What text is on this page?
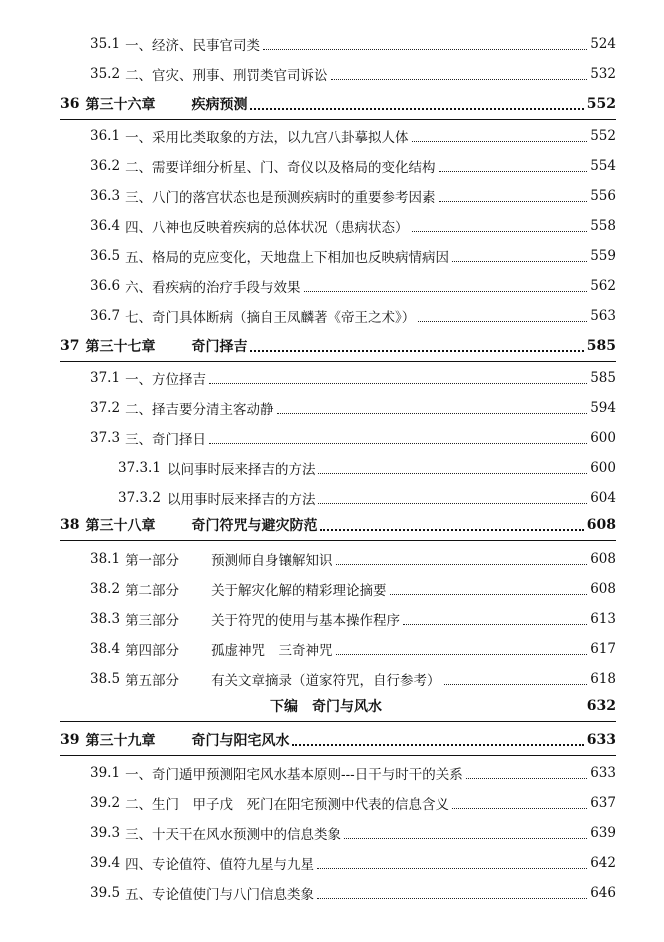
35.1 一、经济、民事官司类	524
35.2 二、官灾、刑事、刑罚类官司诉讼	532
36 第三十六章	疾病预测	552
36.1 一、采用比类取象的方法，以九宫八卦摹拟人体	552
36.2 二、需要详细分析星、门、奇仪以及格局的变化结构	554
36.3 三、八门的落宫状态也是预测疾病时的重要参考因素	556
36.4 四、八神也反映着疾病的总体状况（患病状态）	558
36.5 五、格局的克应变化，天地盘上下相加也反映病情病因	559
36.6 六、看疾病的治疗手段与效果	562
36.7 七、奇门具体断病（摘自王凤麟著《帝王之术》）	563
37 第三十七章	奇门择吉	585
37.1 一、方位择吉	585
37.2 二、择吉要分清主客动静	594
37.3 三、奇门择日	600
37.3.1 以问事时辰来择吉的方法	600
37.3.2 以用事时辰来择吉的方法	604
38 第三十八章	奇门符咒与避灾防范	608
38.1 第一部分 预测师自身镶解知识	608
38.2 第二部分 关于解灾化解的精彩理论摘要	608
38.3 第三部分 关于符咒的使用与基本操作程序	613
38.4 第四部分 孤虚神咒　三奇神咒	617
38.5 第五部分 有关文章摘录（道家符咒，自行参考）	618
下编　奇门与风水	632
39 第三十九章	奇门与阳宅风水	633
39.1 一、奇门遁甲预测阳宅风水基本原则---日干与时干的关系	633
39.2 二、生门　甲子戊　死门在阳宅预测中代表的信息含义	637
39.3 三、十天干在风水预测中的信息类象	639
39.4 四、专论值符、值符九星与九星	642
39.5 五、专论值使门与八门信息类象	646
